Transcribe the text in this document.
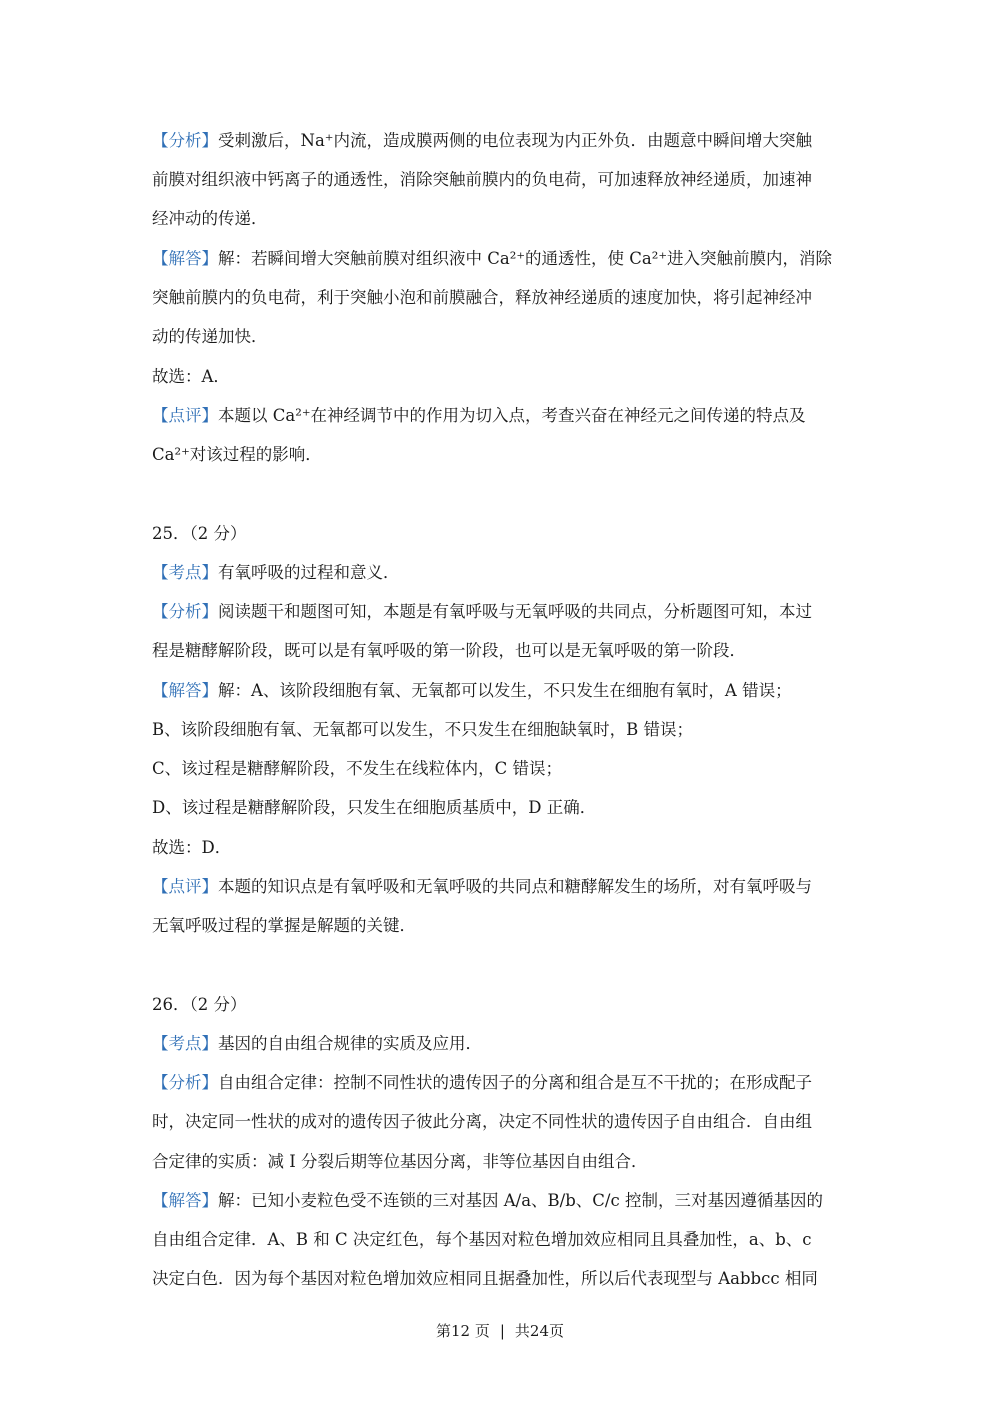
【分析】受刺激后，Na⁺内流，造成膜两侧的电位表现为内正外负．由题意中瞬间增大突触
前膜对组织液中钙离子的通透性，消除突触前膜内的负电荷，可加速释放神经递质，加速神
经冲动的传递．
【解答】解：若瞬间增大突触前膜对组织液中 Ca²⁺的通透性，使 Ca²⁺进入突触前膜内，消除
突触前膜内的负电荷，利于突触小泡和前膜融合，释放神经递质的速度加快，将引起神经冲
动的传递加快．
故选：A．
【点评】本题以 Ca²⁺在神经调节中的作用为切入点，考查兴奋在神经元之间传递的特点及
Ca²⁺对该过程的影响．
25．（2 分）
【考点】有氧呼吸的过程和意义．
【分析】阅读题干和题图可知，本题是有氧呼吸与无氧呼吸的共同点，分析题图可知，本过
程是糖酵解阶段，既可以是有氧呼吸的第一阶段，也可以是无氧呼吸的第一阶段．
【解答】解：A、该阶段细胞有氧、无氧都可以发生，不只发生在细胞有氧时，A 错误；
B、该阶段细胞有氧、无氧都可以发生，不只发生在细胞缺氧时，B 错误；
C、该过程是糖酵解阶段，不发生在线粒体内，C 错误；
D、该过程是糖酵解阶段，只发生在细胞质基质中，D 正确．
故选：D．
【点评】本题的知识点是有氧呼吸和无氧呼吸的共同点和糖酵解发生的场所，对有氧呼吸与
无氧呼吸过程的掌握是解题的关键．
26．（2 分）
【考点】基因的自由组合规律的实质及应用．
【分析】自由组合定律：控制不同性状的遗传因子的分离和组合是互不干扰的；在形成配子
时，决定同一性状的成对的遗传因子彼此分离，决定不同性状的遗传因子自由组合．自由组
合定律的实质：减 I 分裂后期等位基因分离，非等位基因自由组合．
【解答】解：已知小麦粒色受不连锁的三对基因 A/a、B/b、C/c 控制，三对基因遵循基因的
自由组合定律．A、B 和 C 决定红色，每个基因对粒色增加效应相同且具叠加性，a、b、c
决定白色．因为每个基因对粒色增加效应相同且据叠加性，所以后代表现型与 Aabbcc 相同
第12 页 | 共24页
